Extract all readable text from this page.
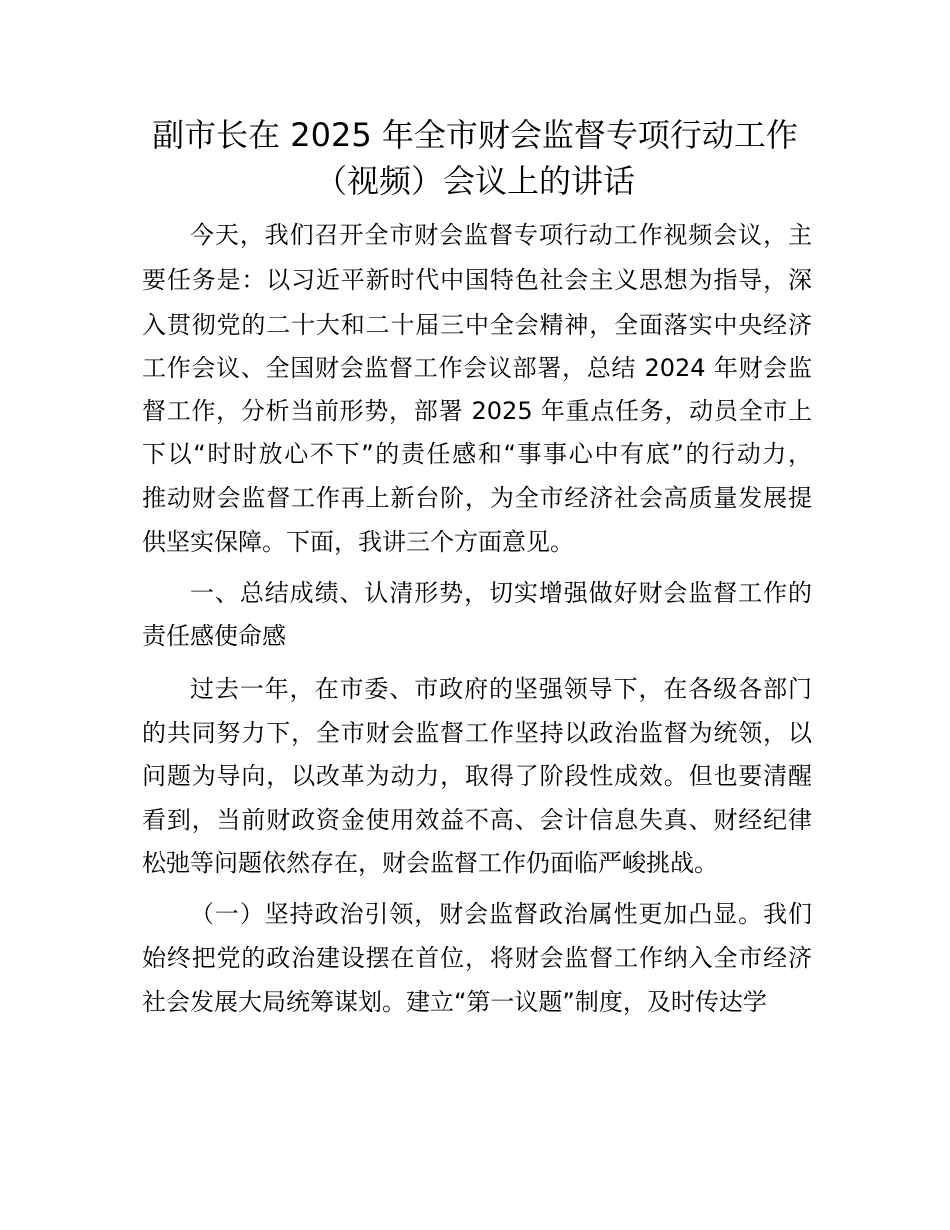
副市长在 2025 年全市财会监督专项行动工作
（视频）会议上的讲话
今天，我们召开全市财会监督专项行动工作视频会议，主
要任务是：以习近平新时代中国特色社会主义思想为指导，深
入贯彻党的二十大和二十届三中全会精神，全面落实中央经济
工作会议、全国财会监督工作会议部署，总结 2024 年财会监
督工作，分析当前形势，部署 2025 年重点任务，动员全市上
下以“时时放心不下”的责任感和“事事心中有底”的行动力，
推动财会监督工作再上新台阶，为全市经济社会高质量发展提
供坚实保障。下面，我讲三个方面意见。
一、总结成绩、认清形势，切实增强做好财会监督工作的
责任感使命感
过去一年，在市委、市政府的坚强领导下，在各级各部门
的共同努力下，全市财会监督工作坚持以政治监督为统领，以
问题为导向，以改革为动力，取得了阶段性成效。但也要清醒
看到，当前财政资金使用效益不高、会计信息失真、财经纪律
松弛等问题依然存在，财会监督工作仍面临严峻挑战。
（一）坚持政治引领，财会监督政治属性更加凸显。我们
始终把党的政治建设摆在首位，将财会监督工作纳入全市经济
社会发展大局统筹谋划。建立“第一议题”制度，及时传达学
